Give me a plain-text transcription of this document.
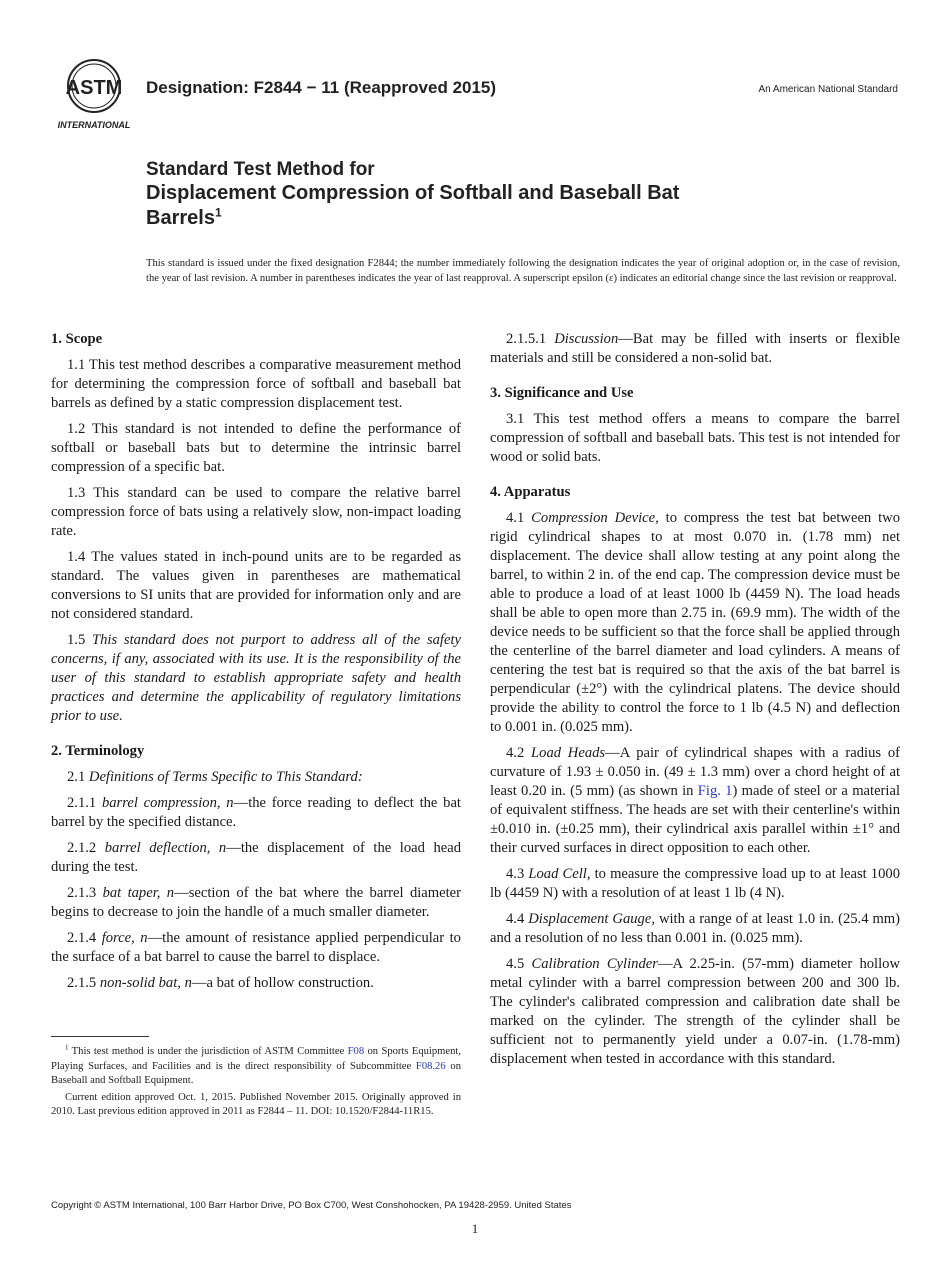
ASTM
INTERNATIONAL
Designation: F2844 − 11 (Reapproved 2015)	An American National Standard
Standard Test Method for
Displacement Compression of Softball and Baseball Bat
Barrels$^1$
This standard is issued under the fixed designation F2844; the number immediately following the designation indicates the year of original adoption or, in the case of revision, the year of last revision. A number in parentheses indicates the year of last reapproval. A superscript epsilon (ε) indicates an editorial change since the last revision or reapproval.
1. Scope

1.1 This test method describes a comparative measurement method for determining the compression force of softball and baseball bat barrels as defined by a static compression displacement test.

1.2 This standard is not intended to define the performance of softball or baseball bats but to determine the intrinsic barrel compression of a specific bat.

1.3 This standard can be used to compare the relative barrel compression force of bats using a relatively slow, non-impact loading rate.

1.4 The values stated in inch-pound units are to be regarded as standard. The values given in parentheses are mathematical conversions to SI units that are provided for information only and are not considered standard.

1.5 This standard does not purport to address all of the safety concerns, if any, associated with its use. It is the responsibility of the user of this standard to establish appropriate safety and health practices and determine the applicability of regulatory limitations prior to use.

2. Terminology

2.1 Definitions of Terms Specific to This Standard:

2.1.1 barrel compression, n—the force reading to deflect the bat barrel by the specified distance.

2.1.2 barrel deflection, n—the displacement of the load head during the test.

2.1.3 bat taper, n—section of the bat where the barrel diameter begins to decrease to join the handle of a much smaller diameter.

2.1.4 force, n—the amount of resistance applied perpendicular to the surface of a bat barrel to cause the barrel to displace.

2.1.5 non-solid bat, n—a bat of hollow construction.

$^1$ This test method is under the jurisdiction of ASTM Committee F08 on Sports Equipment, Playing Surfaces, and Facilities and is the direct responsibility of Subcommittee F08.26 on Baseball and Softball Equipment.

Current edition approved Oct. 1, 2015. Published November 2015. Originally approved in 2010. Last previous edition approved in 2011 as F2844 – 11. DOI: 10.1520/F2844-11R15.

2.1.5.1 Discussion—Bat may be filled with inserts or flexible materials and still be considered a non-solid bat.

3. Significance and Use

3.1 This test method offers a means to compare the barrel compression of softball and baseball bats. This test is not intended for wood or solid bats.

4. Apparatus

4.1 Compression Device, to compress the test bat between two rigid cylindrical shapes to at most 0.070 in. (1.78 mm) net displacement. The device shall allow testing at any point along the barrel, to within 2 in. of the end cap. The compression device must be able to produce a load of at least 1000 lb (4459 N). The load heads shall be able to open more than 2.75 in. (69.9 mm). The width of the device needs to be sufficient so that the force shall be applied through the centerline of the barrel diameter and load cylinders. A means of centering the test bat is required so that the axis of the bat barrel is perpendicular (±2°) with the cylindrical platens. The device should provide the ability to control the force to 1 lb (4.5 N) and deflection to 0.001 in. (0.025 mm).

4.2 Load Heads—A pair of cylindrical shapes with a radius of curvature of 1.93 ± 0.050 in. (49 ± 1.3 mm) over a chord height of at least 0.20 in. (5 mm) (as shown in Fig. 1) made of steel or a material of equivalent stiffness. The heads are set with their centerline's within ±0.010 in. (±0.25 mm), their cylindrical axis parallel within ±1° and their curved surfaces in direct opposition to each other.

4.3 Load Cell, to measure the compressive load up to at least 1000 lb (4459 N) with a resolution of at least 1 lb (4 N).

4.4 Displacement Gauge, with a range of at least 1.0 in. (25.4 mm) and a resolution of no less than 0.001 in. (0.025 mm).

4.5 Calibration Cylinder—A 2.25-in. (57-mm) diameter hollow metal cylinder with a barrel compression between 200 and 300 lb. The cylinder's calibrated compression and calibration date shall be marked on the cylinder. The strength of the cylinder shall be sufficient not to permanently yield under a 0.07-in. (1.78-mm) displacement when tested in accordance with this standard.

Copyright © ASTM International, 100 Barr Harbor Drive, PO Box C700, West Conshohocken, PA 19428-2959. United States
1
